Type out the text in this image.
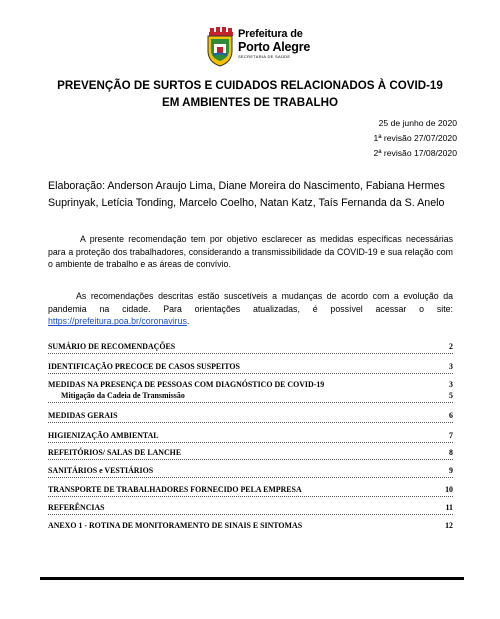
Prefeitura de
Porto Alegre
SECRETARIA DE SAÚDE
PREVENÇÃO DE SURTOS E CUIDADOS RELACIONADOS À COVID-19
EM AMBIENTES DE TRABALHO
25 de junho de 2020
1ª revisão 27/07/2020
2ª revisão 17/08/2020
Elaboração: Anderson Araujo Lima, Diane Moreira do Nascimento, Fabiana Hermes Suprinyak, Letícia Tonding, Marcelo Coelho, Natan Katz, Taís Fernanda da S. Anelo
A presente recomendação tem por objetivo esclarecer as medidas específicas necessárias para a proteção dos trabalhadores, considerando a transmissibilidade da COVID-19 e sua relação com o ambiente de trabalho e as áreas de convívio.
As recomendações descritas estão suscetíveis a mudanças de acordo com a evolução da pandemia na cidade. Para orientações atualizadas, é possível acessar o site: https://prefeitura.poa.br/coronavirus.
SUMÁRIO DE RECOMENDAÇÕES	2
IDENTIFICAÇÃO PRECOCE DE CASOS SUSPEITOS	3
MEDIDAS NA PRESENÇA DE PESSOAS COM DIAGNÓSTICO DE COVID-19	3
Mitigação da Cadeia de Transmissão	5
MEDIDAS GERAIS	6
HIGIENIZAÇÃO AMBIENTAL	7
REFEITÓRIOS/ SALAS DE LANCHE	8
SANITÁRIOS e VESTIÁRIOS	9
TRANSPORTE DE TRABALHADORES FORNECIDO PELA EMPRESA	10
REFERÊNCIAS	11
ANEXO 1 - ROTINA DE MONITORAMENTO DE SINAIS E SINTOMAS	12
